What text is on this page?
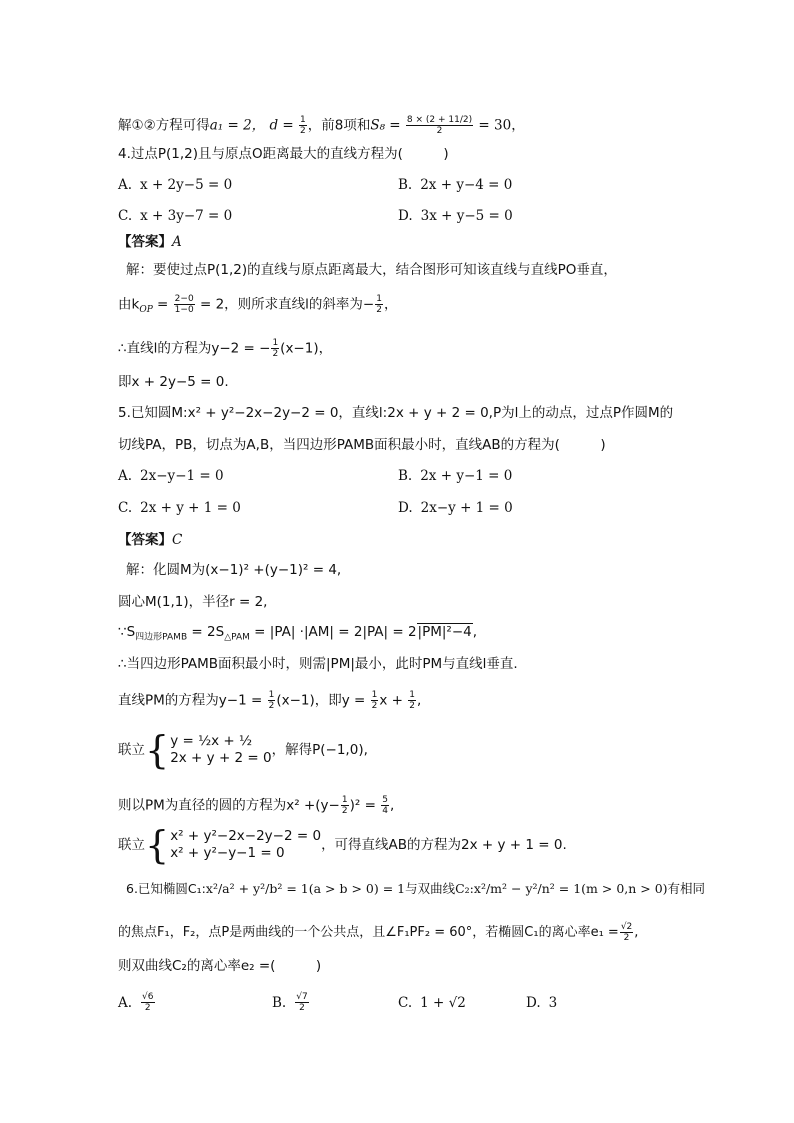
解①②方程可得a₁ = 2， $d = \frac{1}{2}$ ，前8项和$S_8 = \frac{8 \times (2 + 11/2)}{2} = 30$，
4.过点P(1,2)且与原点O距离最大的直线方程为(　　　)
A. x + 2y−5 = 0	B. 2x + y−4 = 0
C. x + 3y−7 = 0	D. 3x + y−5 = 0
【答案】A
解：要使过点P(1,2)的直线与原点距离最大，结合图形可知该直线与直线PO垂直，
由$k_{OP} = \frac{2-0}{1-0} = 2$，则所求直线l的斜率为− $\frac{1}{2}$ ，
∴直线l的方程为y−2 = − $\frac{1}{2} (x-1)$，
即x + 2y−5 = 0.
5.已知圆M:x² + y²−2x−2y−2 = 0，直线l:2x + y + 2 = 0,P为l上的动点，过点P作圆M的
切线PA，PB，切点为A,B，当四边形PAMB面积最小时，直线AB的方程为(　　　)
A. 2x−y−1 = 0	B. 2x + y−1 = 0
C. 2x + y + 1 = 0	D. 2x−y + 1 = 0
【答案】C
解：化圆M为(x−1)² +(y−1)² = 4,
圆心M(1,1)，半径r = 2,
$\because S_{四边形PAMB} = 2S_{\triangle PAM} = |PA| \cdot|AM| = 2|PA| = 2|PM|^2-4$,
∴当四边形PAMB面积最小时，则需|PM|最小，此时PM与直线l垂直.
直线PM的方程为$y-1 = \frac{1}{2} (x-1)$，即$y = \frac{1}{2}$ $x + \frac{1}{2}$ ,
联立{ y = ½x + ½
2x + y + 2 = 0 ，解得P(−1,0),
则以PM为直径的圆的方程为$x^2 +(y- \frac{1}{2} )^2 = \frac{5}{4}$ ,
联立{ x² + y²−2x−2y−2 = 0
x² + y²−y−1 = 0	，可得直线AB的方程为2x + y + 1 = 0.
6.已知椭圆C₁:x²/a² + y²/b² = 1(a > b > 0) = 1与双曲线C₂:x²/m² − y²/n² = 1(m > 0,n > 0)有相同
的焦点F₁，F₂，点P是两曲线的一个公共点，且∠F₁PF₂ = 60°，若椭圆C₁的离心率$e_1 = \frac{√2}{2}$ ,
则双曲线C₂的离心率e₂ =(　　　)
A. $\frac{√6}{2}$	B. $\frac{√7}{2}$	C. 1 + √2	D. 3
